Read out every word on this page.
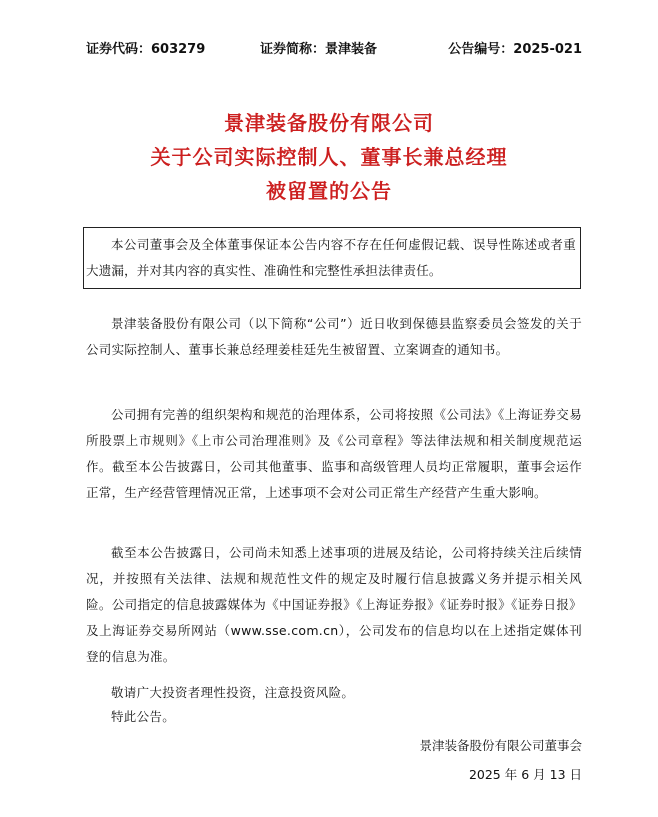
证券代码：603279	证券简称：景津装备	公告编号：2025-021
景津装备股份有限公司
关于公司实际控制人、董事长兼总经理
被留置的公告
本公司董事会及全体董事保证本公告内容不存在任何虚假记载、误导性陈述或者重大遗漏，并对其内容的真实性、准确性和完整性承担法律责任。

景津装备股份有限公司（以下简称“公司”）近日收到保德县监察委员会签发的关于公司实际控制人、董事长兼总经理姜桂廷先生被留置、立案调查的通知书。

公司拥有完善的组织架构和规范的治理体系，公司将按照《公司法》《上海证券交易所股票上市规则》《上市公司治理准则》及《公司章程》等法律法规和相关制度规范运作。截至本公告披露日，公司其他董事、监事和高级管理人员均正常履职，董事会运作正常，生产经营管理情况正常，上述事项不会对公司正常生产经营产生重大影响。

截至本公告披露日，公司尚未知悉上述事项的进展及结论，公司将持续关注后续情况，并按照有关法律、法规和规范性文件的规定及时履行信息披露义务并提示相关风险。公司指定的信息披露媒体为《中国证券报》《上海证券报》《证券时报》《证券日报》及上海证券交易所网站（www.sse.com.cn），公司发布的信息均以在上述指定媒体刊登的信息为准。

敬请广大投资者理性投资，注意投资风险。

特此公告。

景津装备股份有限公司董事会
2025 年 6 月 13 日
